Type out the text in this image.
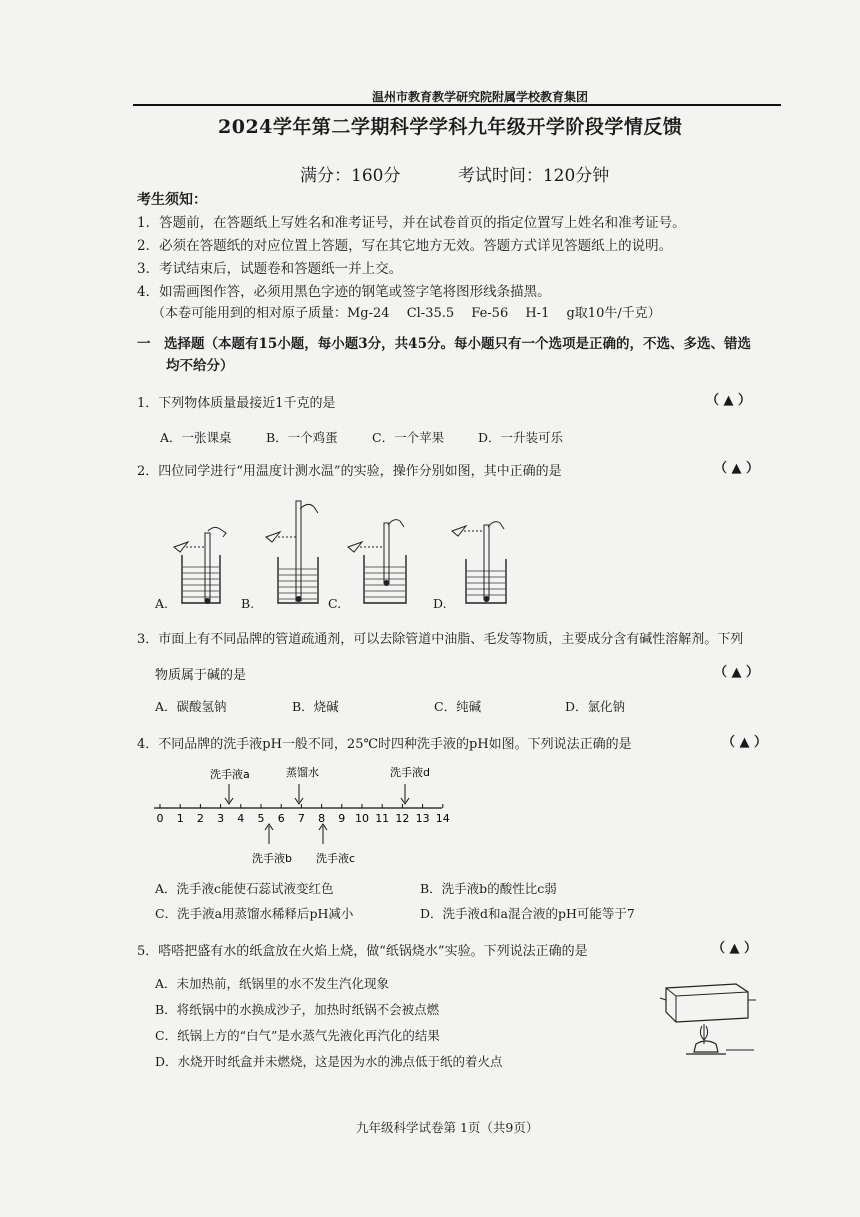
温州市教育教学研究院附属学校教育集团
2024学年第二学期科学学科九年级开学阶段学情反馈
满分：160分	考试时间：120分钟
考生须知：
1．答题前，在答题纸上写姓名和准考证号，并在试卷首页的指定位置写上姓名和准考证号。
2．必须在答题纸的对应位置上答题，写在其它地方无效。答题方式详见答题纸上的说明。
3．考试结束后，试题卷和答题纸一并上交。
4．如需画图作答，必须用黑色字迹的钢笔或签字笔将图形线条描黑。
（本卷可能用到的相对原子质量：Mg-24　 Cl-35.5　 Fe-56　 H-1　 g取10牛/千克）
一　选择题（本题有15小题，每小题3分，共45分。每小题只有一个选项是正确的，不选、多选、错选
均不给分）
1．下列物体质量最接近1千克的是	（ ▲ ）
A．一张课桌	B．一个鸡蛋	C．一个苹果	D．一升装可乐
2．四位同学进行“用温度计测水温”的实验，操作分别如图，其中正确的是	（ ▲ ）
A.	B.	C.	D.
3．市面上有不同品牌的管道疏通剂，可以去除管道中油脂、毛发等物质，主要成分含有碱性溶解剂。下列
物质属于碱的是	（ ▲ ）
A．碳酸氢钠	B．烧碱	C．纯碱	D．氯化钠
4．不同品牌的洗手液pH一般不同，25℃时四种洗手液的pH如图。下列说法正确的是	（ ▲ ）
0 1 2 3 4 5 6 7 8 9 10 11 12 13 14
洗手液a	蒸馏水	洗手液d
洗手液b 洗手液c
A．洗手液c能使石蕊试液变红色	B．洗手液b的酸性比c弱
C．洗手液a用蒸馏水稀释后pH减小	D．洗手液d和a混合液的pH可能等于7
5．嗒嗒把盛有水的纸盒放在火焰上烧，做“纸锅烧水”实验。下列说法正确的是	（ ▲ ）
A．未加热前，纸锅里的水不发生汽化现象
B．将纸锅中的水换成沙子，加热时纸锅不会被点燃
C．纸锅上方的“白气”是水蒸气先液化再汽化的结果
D．水烧开时纸盒并未燃烧，这是因为水的沸点低于纸的着火点
九年级科学试卷第 1页（共9页）
